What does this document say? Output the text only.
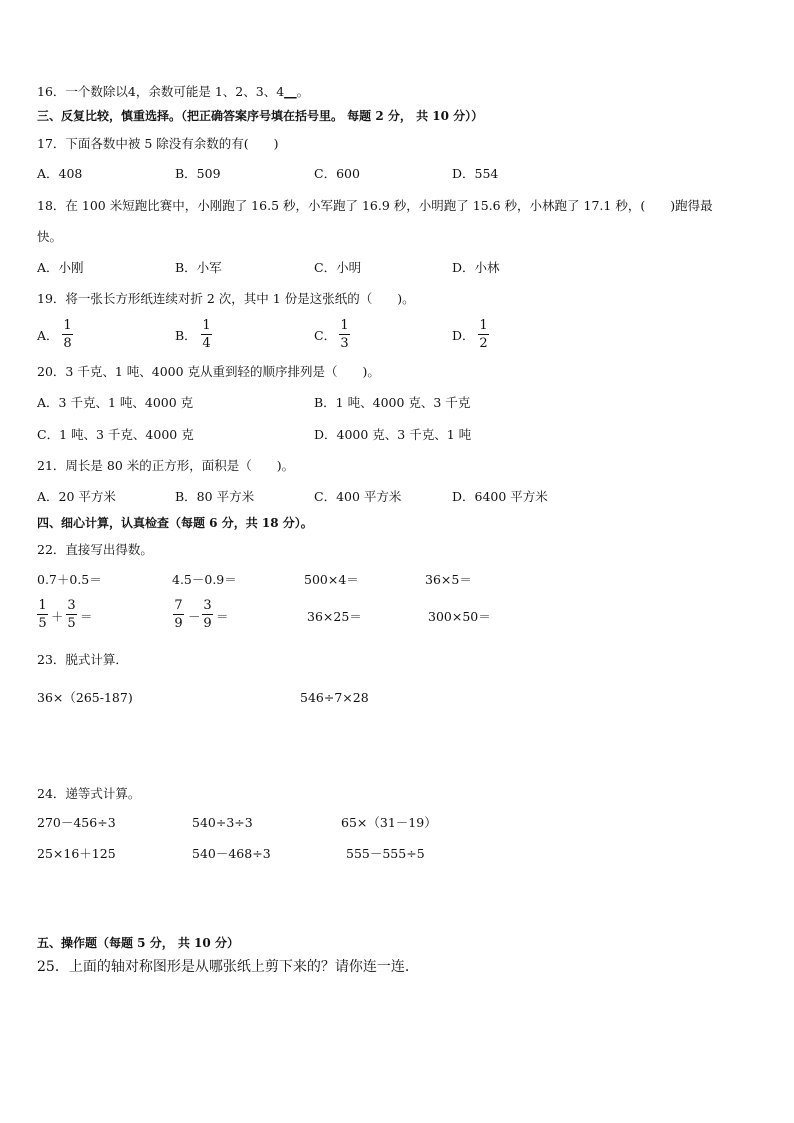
16．一个数除以4，余数可能是 1、2、3、4__。
三、反复比较，慎重选择。（把正确答案序号填在括号里。 每题 2 分， 共 10 分））
17．下面各数中被 5 除没有余数的有(　　)
A．408	B．509	C．600	D．554
18．在 100 米短跑比赛中，小刚跑了 16.5 秒，小军跑了 16.9 秒，小明跑了 15.6 秒，小林跑了 17.1 秒，(　　)跑得最
快。
A．小刚	B．小军	C．小明	D．小林
19．将一张长方形纸连续对折 2 次，其中 1 份是这张纸的（　　)。
A．
1
8
B．
1
4
C．
1
3
D．
1
2
20．3 千克、1 吨、4000 克从重到轻的顺序排列是（　　)。
A．3 千克、1 吨、4000 克	B．1 吨、4000 克、3 千克
C．1 吨、3 千克、4000 克	D．4000 克、3 千克、1 吨
21．周长是 80 米的正方形，面积是（　　)。
A．20 平方米	B．80 平方米	C．400 平方米	D．6400 平方米
四、细心计算，认真检查（每题 6 分，共 18 分）。
22．直接写出得数。
0.7＋0.5＝	4.5－0.9＝	500×4＝	36×5＝
1
5 ＋
3
5 ＝
7
9 －
3
9 ＝	36×25＝	300×50＝
23．脱式计算．
36×（265-187)	546÷7×28
24．递等式计算。
270－456÷3	540÷3÷3	65×（31－19）
25×16＋125	540－468÷3	555－555÷5
五、操作题（每题 5 分， 共 10 分）
25．上面的轴对称图形是从哪张纸上剪下来的？请你连一连.
